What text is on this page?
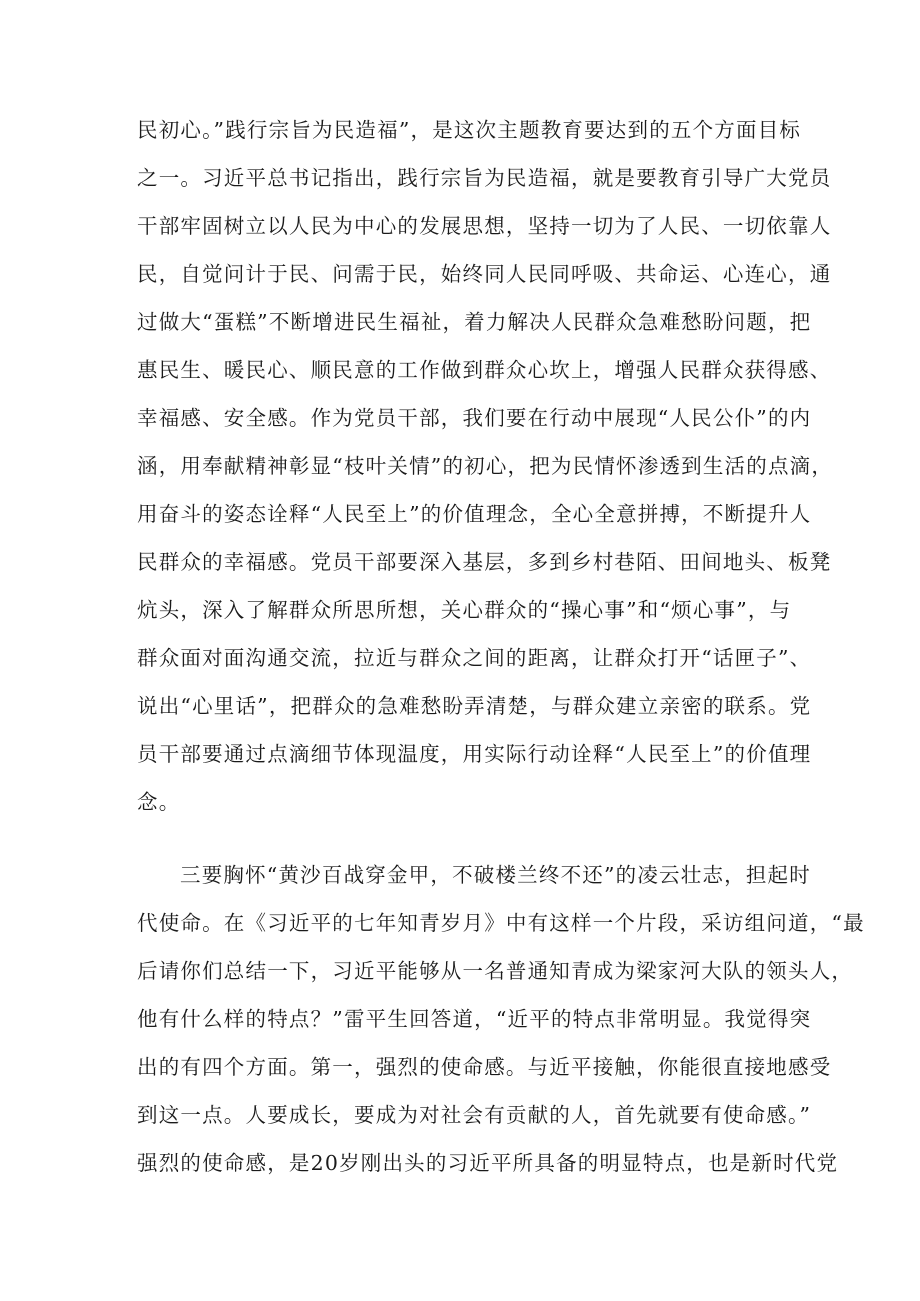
民初心。”践行宗旨为民造福”，是这次主题教育要达到的五个方面目标
之一。习近平总书记指出，践行宗旨为民造福，就是要教育引导广大党员
干部牢固树立以人民为中心的发展思想，坚持一切为了人民、一切依靠人
民，自觉问计于民、问需于民，始终同人民同呼吸、共命运、心连心，通
过做大“蛋糕”不断增进民生福祉，着力解决人民群众急难愁盼问题，把
惠民生、暖民心、顺民意的工作做到群众心坎上，增强人民群众获得感、
幸福感、安全感。作为党员干部，我们要在行动中展现“人民公仆”的内
涵，用奉献精神彰显“枝叶关情”的初心，把为民情怀渗透到生活的点滴，
用奋斗的姿态诠释“人民至上”的价值理念，全心全意拼搏，不断提升人
民群众的幸福感。党员干部要深入基层，多到乡村巷陌、田间地头、板凳
炕头，深入了解群众所思所想，关心群众的“操心事”和“烦心事”，与
群众面对面沟通交流，拉近与群众之间的距离，让群众打开“话匣子”、
说出“心里话”，把群众的急难愁盼弄清楚，与群众建立亲密的联系。党
员干部要通过点滴细节体现温度，用实际行动诠释“人民至上”的价值理
念。
三要胸怀“黄沙百战穿金甲，不破楼兰终不还”的凌云壮志，担起时
代使命。在《习近平的七年知青岁月》中有这样一个片段，采访组问道，“最
后请你们总结一下，习近平能够从一名普通知青成为梁家河大队的领头人，
他有什么样的特点？”雷平生回答道，“近平的特点非常明显。我觉得突
出的有四个方面。第一，强烈的使命感。与近平接触，你能很直接地感受
到这一点。人要成长，要成为对社会有贡献的人，首先就要有使命感。”
强烈的使命感，是20岁刚出头的习近平所具备的明显特点，也是新时代党
